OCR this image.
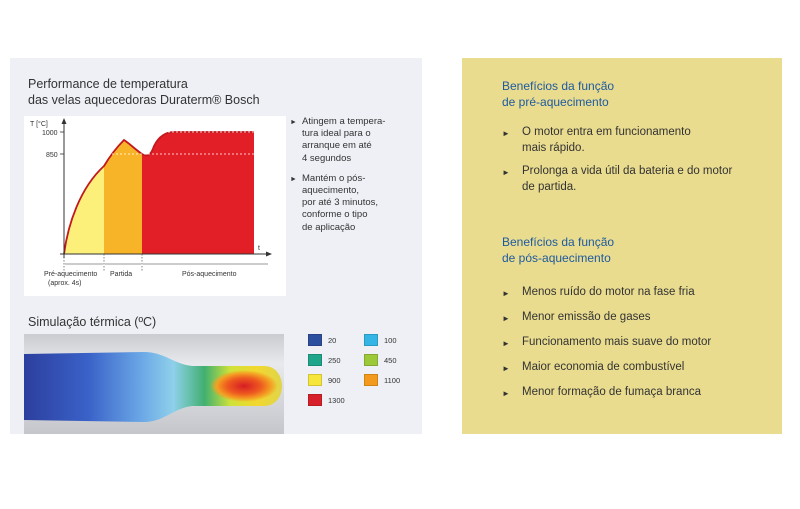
Performance de temperatura
das velas aquecedoras Duraterm® Bosch
T [°C]
1000
850
t
Pré-aquecimento
(aprox. 4s)
Partida	Pós-aquecimento
► Atingem a tempera-
tura ideal para o
arranque em até
4 segundos
► Mantém o pós-
aquecimento,
por até 3 minutos,
conforme o tipo
de aplicação
Simulação térmica (ºC)
20	100
250	450
900	1100
1300
Benefícios da função
de pré-aquecimento
►	O motor entra em funcionamento
mais rápido.
►	Prolonga a vida útil da bateria e do motor
de partida.
Benefícios da função
de pós-aquecimento
►	Menos ruído do motor na fase fria
►	Menor emissão de gases
►	Funcionamento mais suave do motor
►	Maior economia de combustível
►	Menor formação de fumaça branca
